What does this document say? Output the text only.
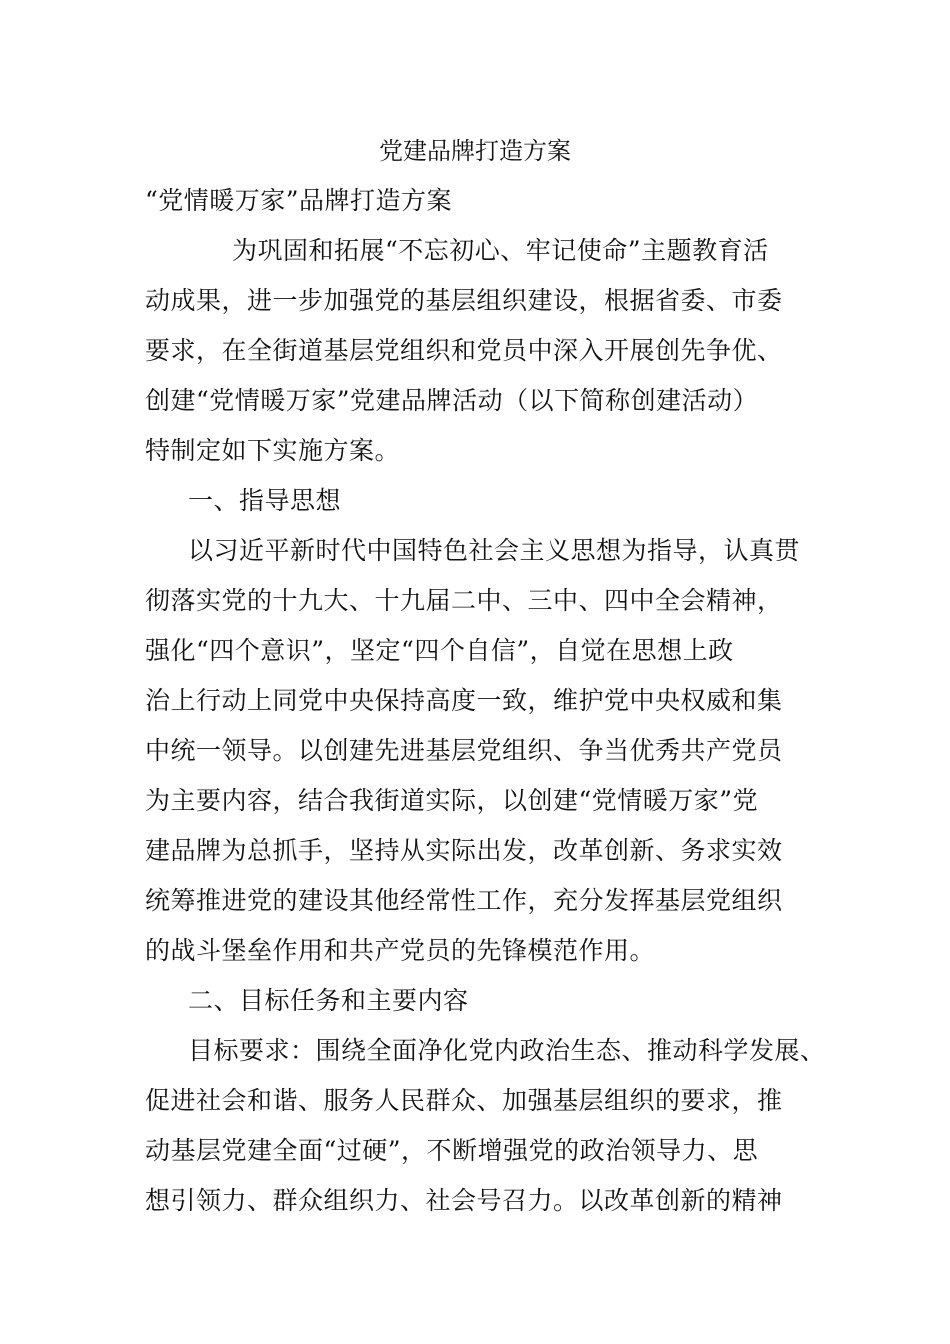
党建品牌打造方案
“党情暖万家”品牌打造方案
为巩固和拓展“不忘初心、牢记使命”主题教育活
动成果，进一步加强党的基层组织建设，根据省委、市委
要求，在全街道基层党组织和党员中深入开展创先争优、
创建“党情暖万家”党建品牌活动（以下简称创建活动）
特制定如下实施方案。
一、指导思想
以习近平新时代中国特色社会主义思想为指导，认真贯
彻落实党的十九大、十九届二中、三中、四中全会精神，
强化“四个意识”，坚定“四个自信”，自觉在思想上政
治上行动上同党中央保持高度一致，维护党中央权威和集
中统一领导。以创建先进基层党组织、争当优秀共产党员
为主要内容，结合我街道实际，以创建“党情暖万家”党
建品牌为总抓手，坚持从实际出发，改革创新、务求实效
统筹推进党的建设其他经常性工作，充分发挥基层党组织
的战斗堡垒作用和共产党员的先锋模范作用。
二、目标任务和主要内容
目标要求：围绕全面净化党内政治生态、推动科学发展、
促进社会和谐、服务人民群众、加强基层组织的要求，推
动基层党建全面“过硬”，不断增强党的政治领导力、思
想引领力、群众组织力、社会号召力。以改革创新的精神
